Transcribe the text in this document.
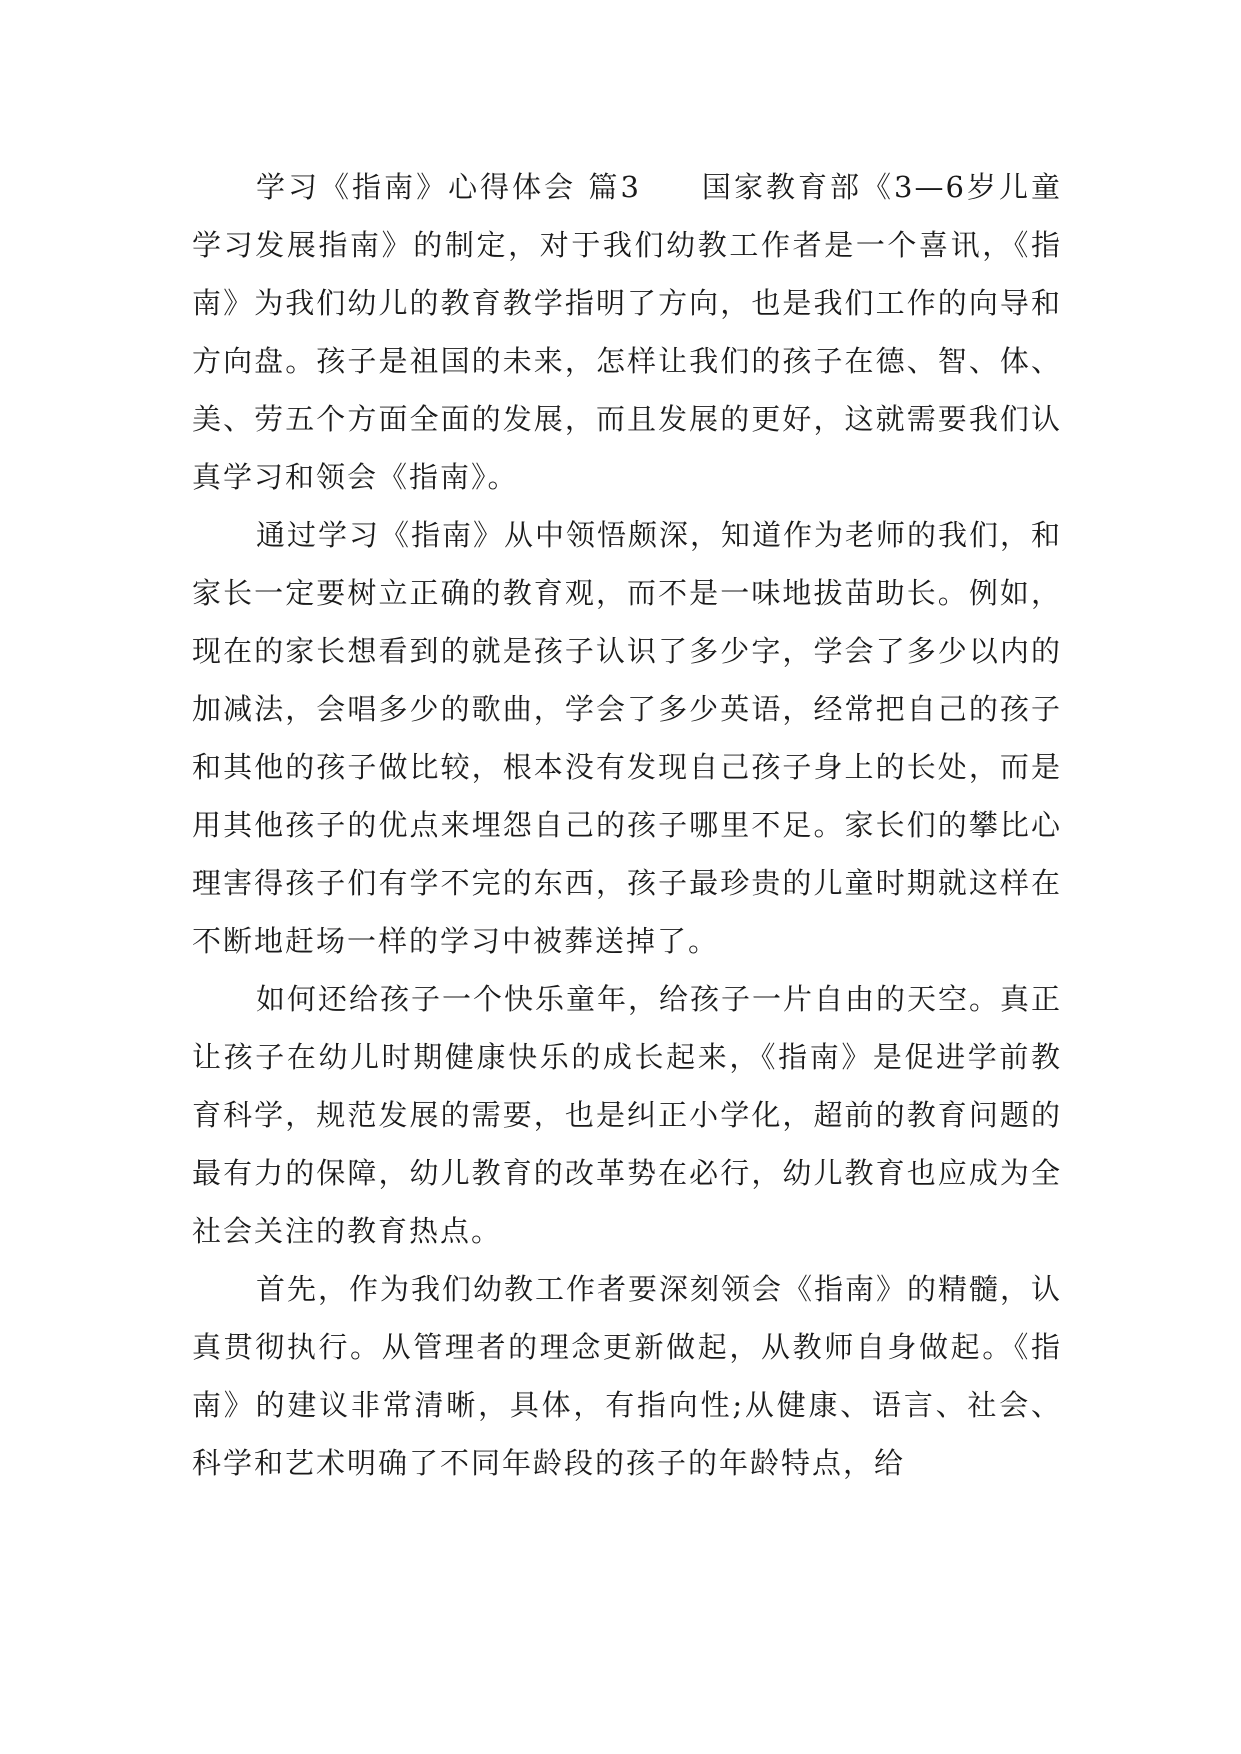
学习《指南》心得体会 篇3 国家教育部《3—6岁儿童学习发展指南》的制定，对于我们幼教工作者是一个喜讯，《指南》为我们幼儿的教育教学指明了方向，也是我们工作的向导和方向盘。孩子是祖国的未来，怎样让我们的孩子在德、智、体、美、劳五个方面全面的发展，而且发展的更好，这就需要我们认真学习和领会《指南》。

通过学习《指南》从中领悟颇深，知道作为老师的我们，和家长一定要树立正确的教育观，而不是一味地拔苗助长。例如，现在的家长想看到的就是孩子认识了多少字，学会了多少以内的加减法，会唱多少的歌曲，学会了多少英语，经常把自己的孩子和其他的孩子做比较，根本没有发现自己孩子身上的长处，而是用其他孩子的优点来埋怨自己的孩子哪里不足。家长们的攀比心理害得孩子们有学不完的东西，孩子最珍贵的儿童时期就这样在不断地赶场一样的学习中被葬送掉了。

如何还给孩子一个快乐童年，给孩子一片自由的天空。真正让孩子在幼儿时期健康快乐的成长起来，《指南》是促进学前教育科学，规范发展的需要，也是纠正小学化，超前的教育问题的最有力的保障，幼儿教育的改革势在必行，幼儿教育也应成为全社会关注的教育热点。

首先，作为我们幼教工作者要深刻领会《指南》的精髓，认真贯彻执行。从管理者的理念更新做起，从教师自身做起。《指南》的建议非常清晰，具体，有指向性;从健康、语言、社会、科学和艺术明确了不同年龄段的孩子的年龄特点，给
